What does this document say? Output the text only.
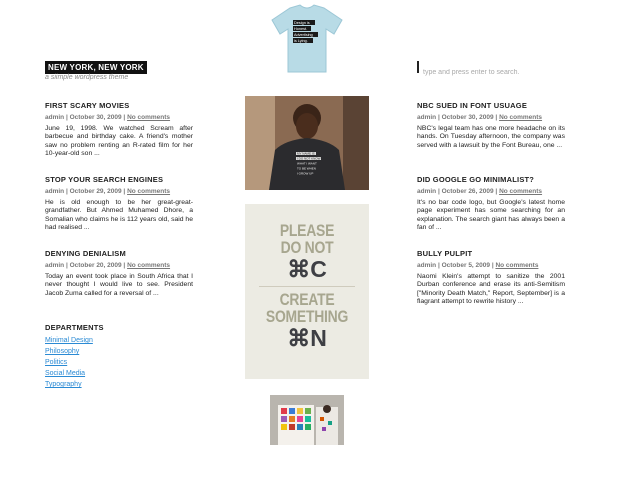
Design is
Honest.
Advertising
is Lying.
NEW YORK, NEW YORK
a siimple wordpress theme
type and press enter to search.
FIRST SCARY MOVIES
admin | October 30, 2009 | No comments

June 19, 1998. We watched Scream after barbecue and birthday cake. A friend's mother saw no problem renting an R-rated film for her 10-year-old son ...

STOP YOUR SEARCH ENGINES
admin | October 29, 2009 | No comments

He is old enough to be her great-great-grandfather. But Ahmed Muhamed Dhore, a Somalian who claims he is 112 years old, said he had realised ...

DENYING DENIALISM
admin | October 20, 2009 | No comments

Today an event took place in South Africa that I never thought I would live to see. President Jacob Zuma called for a reversal of ...

DEPARTMENTS
Minimal Design
Philosophy
Politics
Social Media
Typography
MY NAME IS
I DO NOT KNOW
WHAT I WANT
TO BE WHEN
I GROW UP
PLEASE
DO NOT
⌘C
CREATE
SOMETHING
⌘N
NBC SUED IN FONT USUAGE
admin | October 30, 2009 | No comments

NBC's legal team has one more headache on its hands. On Tuesday afternoon, the company was served with a lawsuit by the Font Bureau, one ...

DID GOOGLE GO MINIMALIST?
admin | October 26, 2009 | No comments

It's no bar code logo, but Google's latest home page experiment has some searching for an explanation. The search giant has always been a fan of ...

BULLY PULPIT
admin | October 5, 2009 | No comments

Naomi Klein's attempt to sanitize the 2001 Durban conference and erase its anti-Semitism ["Minority Death Match," Report, September] is a flagrant attempt to rewrite history ...
